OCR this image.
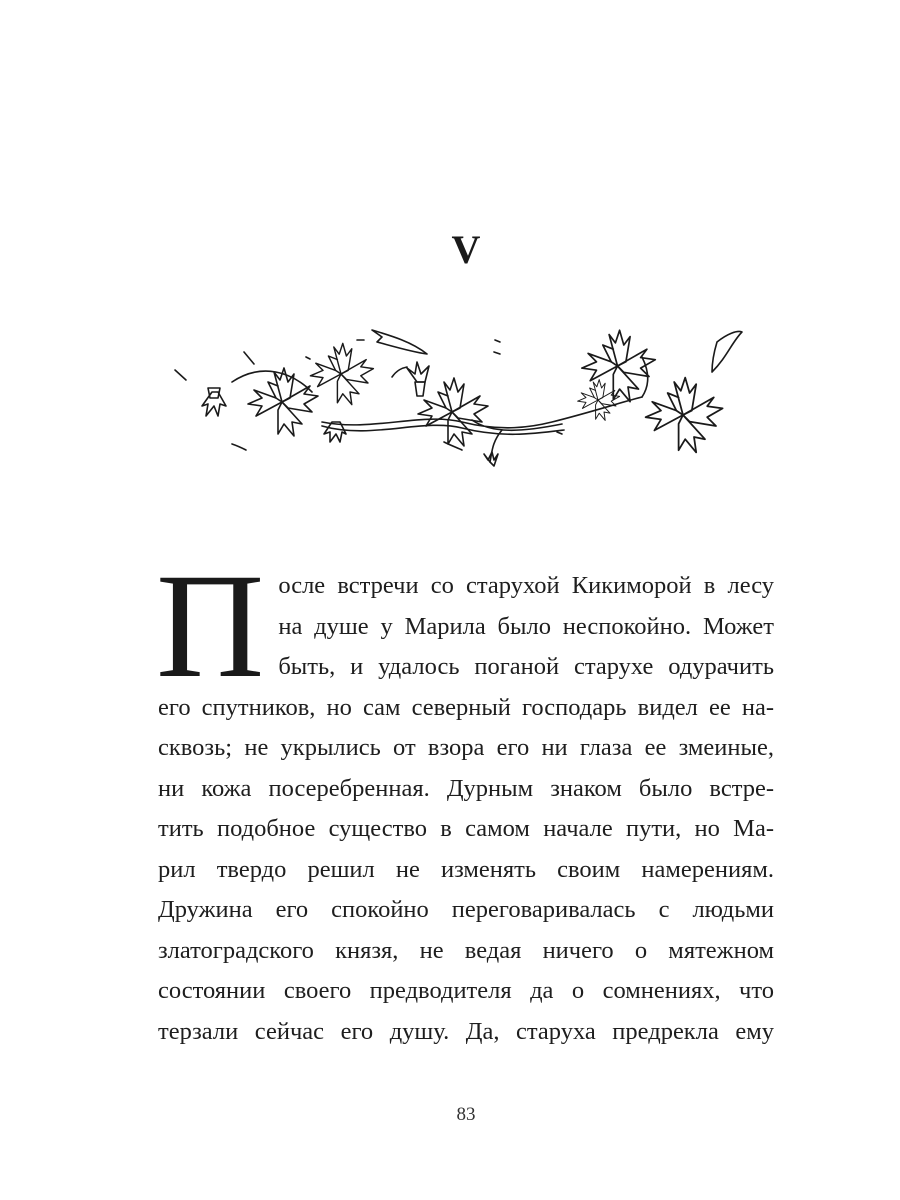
V
П осле встречи со старухой Кикиморой в лесу
на душе у Марила было неспокойно. Может
быть, и удалось поганой старухе одурачить
его спутников, но сам северный господарь видел ее на-
сквозь; не укрылись от взора его ни глаза ее змеиные,
ни кожа посеребренная. Дурным знаком было встре-
тить подобное существо в самом начале пути, но Ма-
рил твердо решил не изменять своим намерениям.
Дружина его спокойно переговаривалась с людьми
златоградского князя, не ведая ничего о мятежном
состоянии своего предводителя да о сомнениях, что
терзали сейчас его душу. Да, старуха предрекла ему
83
